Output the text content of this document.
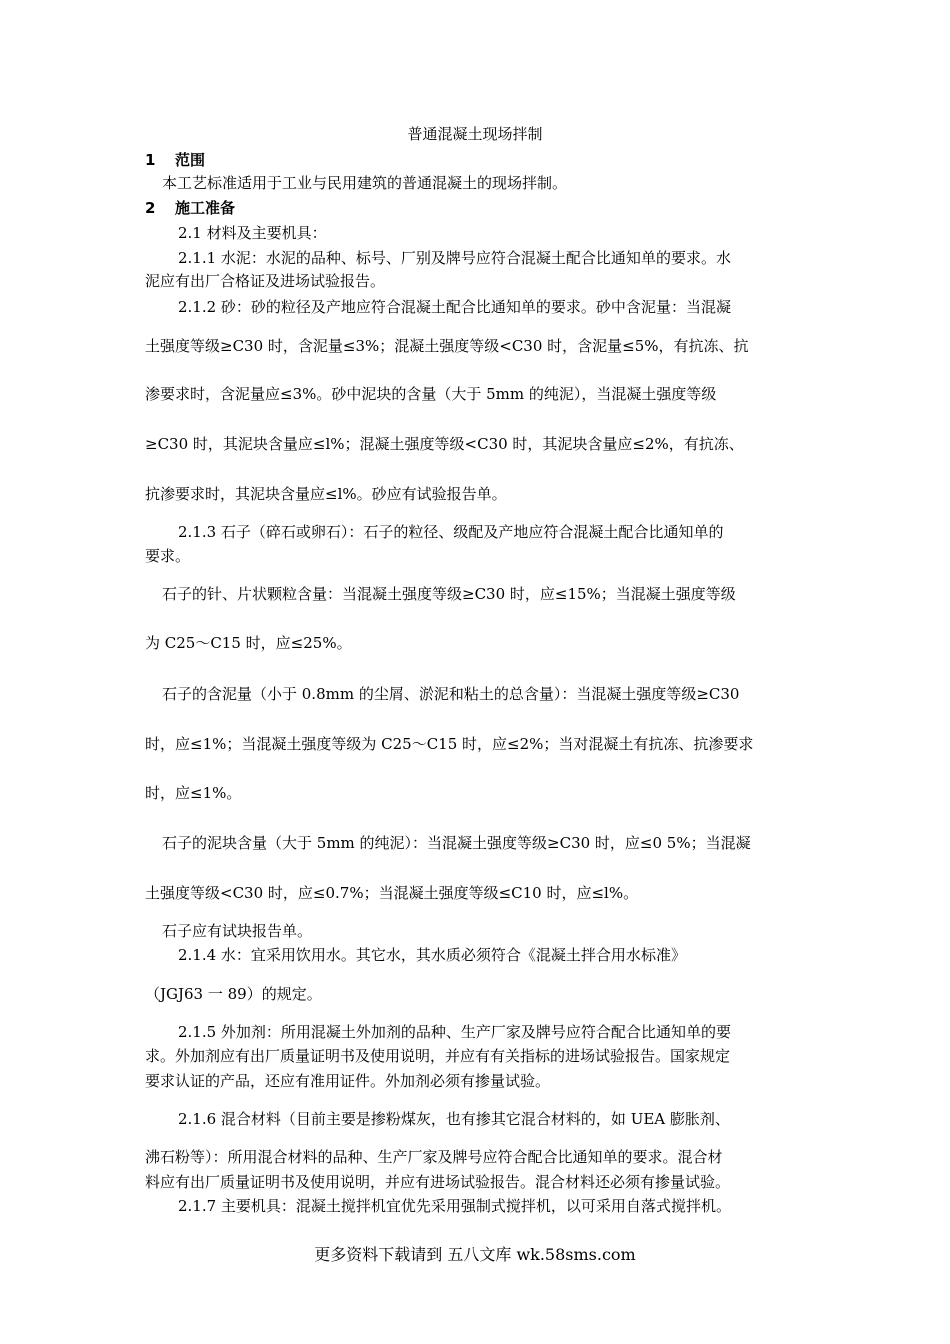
普通混凝土现场拌制
1 范围
本工艺标准适用于工业与民用建筑的普通混凝土的现场拌制。
2 施工准备
2.1 材料及主要机具：
2.1.1 水泥：水泥的品种、标号、厂别及牌号应符合混凝土配合比通知单的要求。水
泥应有出厂合格证及进场试验报告。
2.1.2 砂：砂的粒径及产地应符合混凝土配合比通知单的要求。砂中含泥量：当混凝
土强度等级≥C30 时，含泥量≤3%；混凝土强度等级<C30 时，含泥量≤5%，有抗冻、抗
渗要求时，含泥量应≤3%。砂中泥块的含量（大于 5mm 的纯泥），当混凝土强度等级
≥C30 时，其泥块含量应≤l%；混凝土强度等级<C30 时，其泥块含量应≤2%，有抗冻、
抗渗要求时，其泥块含量应≤l%。砂应有试验报告单。
2.1.3 石子（碎石或卵石）：石子的粒径、级配及产地应符合混凝土配合比通知单的
要求。
石子的针、片状颗粒含量：当混凝土强度等级≥C30 时，应≤15%；当混凝土强度等级
为 C25～C15 时，应≤25%。
石子的含泥量（小于 0.8mm 的尘屑、淤泥和粘土的总含量）：当混凝土强度等级≥C30
时，应≤1%；当混凝土强度等级为 C25～C15 时，应≤2%；当对混凝土有抗冻、抗渗要求
时，应≤1%。
石子的泥块含量（大于 5mm 的纯泥）：当混凝土强度等级≥C30 时，应≤0 5%；当混凝
土强度等级<C30 时，应≤0.7%；当混凝土强度等级≤C10 时，应≤l%。
石子应有试块报告单。
2.1.4 水：宜采用饮用水。其它水，其水质必须符合《混凝土拌合用水标准》
（JGJ63 一 89）的规定。
2.1.5 外加剂：所用混凝土外加剂的品种、生产厂家及牌号应符合配合比通知单的要
求。外加剂应有出厂质量证明书及使用说明，并应有有关指标的进场试验报告。国家规定
要求认证的产品，还应有准用证件。外加剂必须有掺量试验。
2.1.6 混合材料（目前主要是掺粉煤灰，也有掺其它混合材料的，如 UEA 膨胀剂、
沸石粉等）：所用混合材料的品种、生产厂家及牌号应符合配合比通知单的要求。混合材
料应有出厂质量证明书及使用说明，并应有进场试验报告。混合材料还必须有掺量试验。
2.1.7 主要机具：混凝土搅拌机宜优先采用强制式搅拌机，以可采用自落式搅拌机。
更多资料下载请到 五八文库 wk.58sms.com
